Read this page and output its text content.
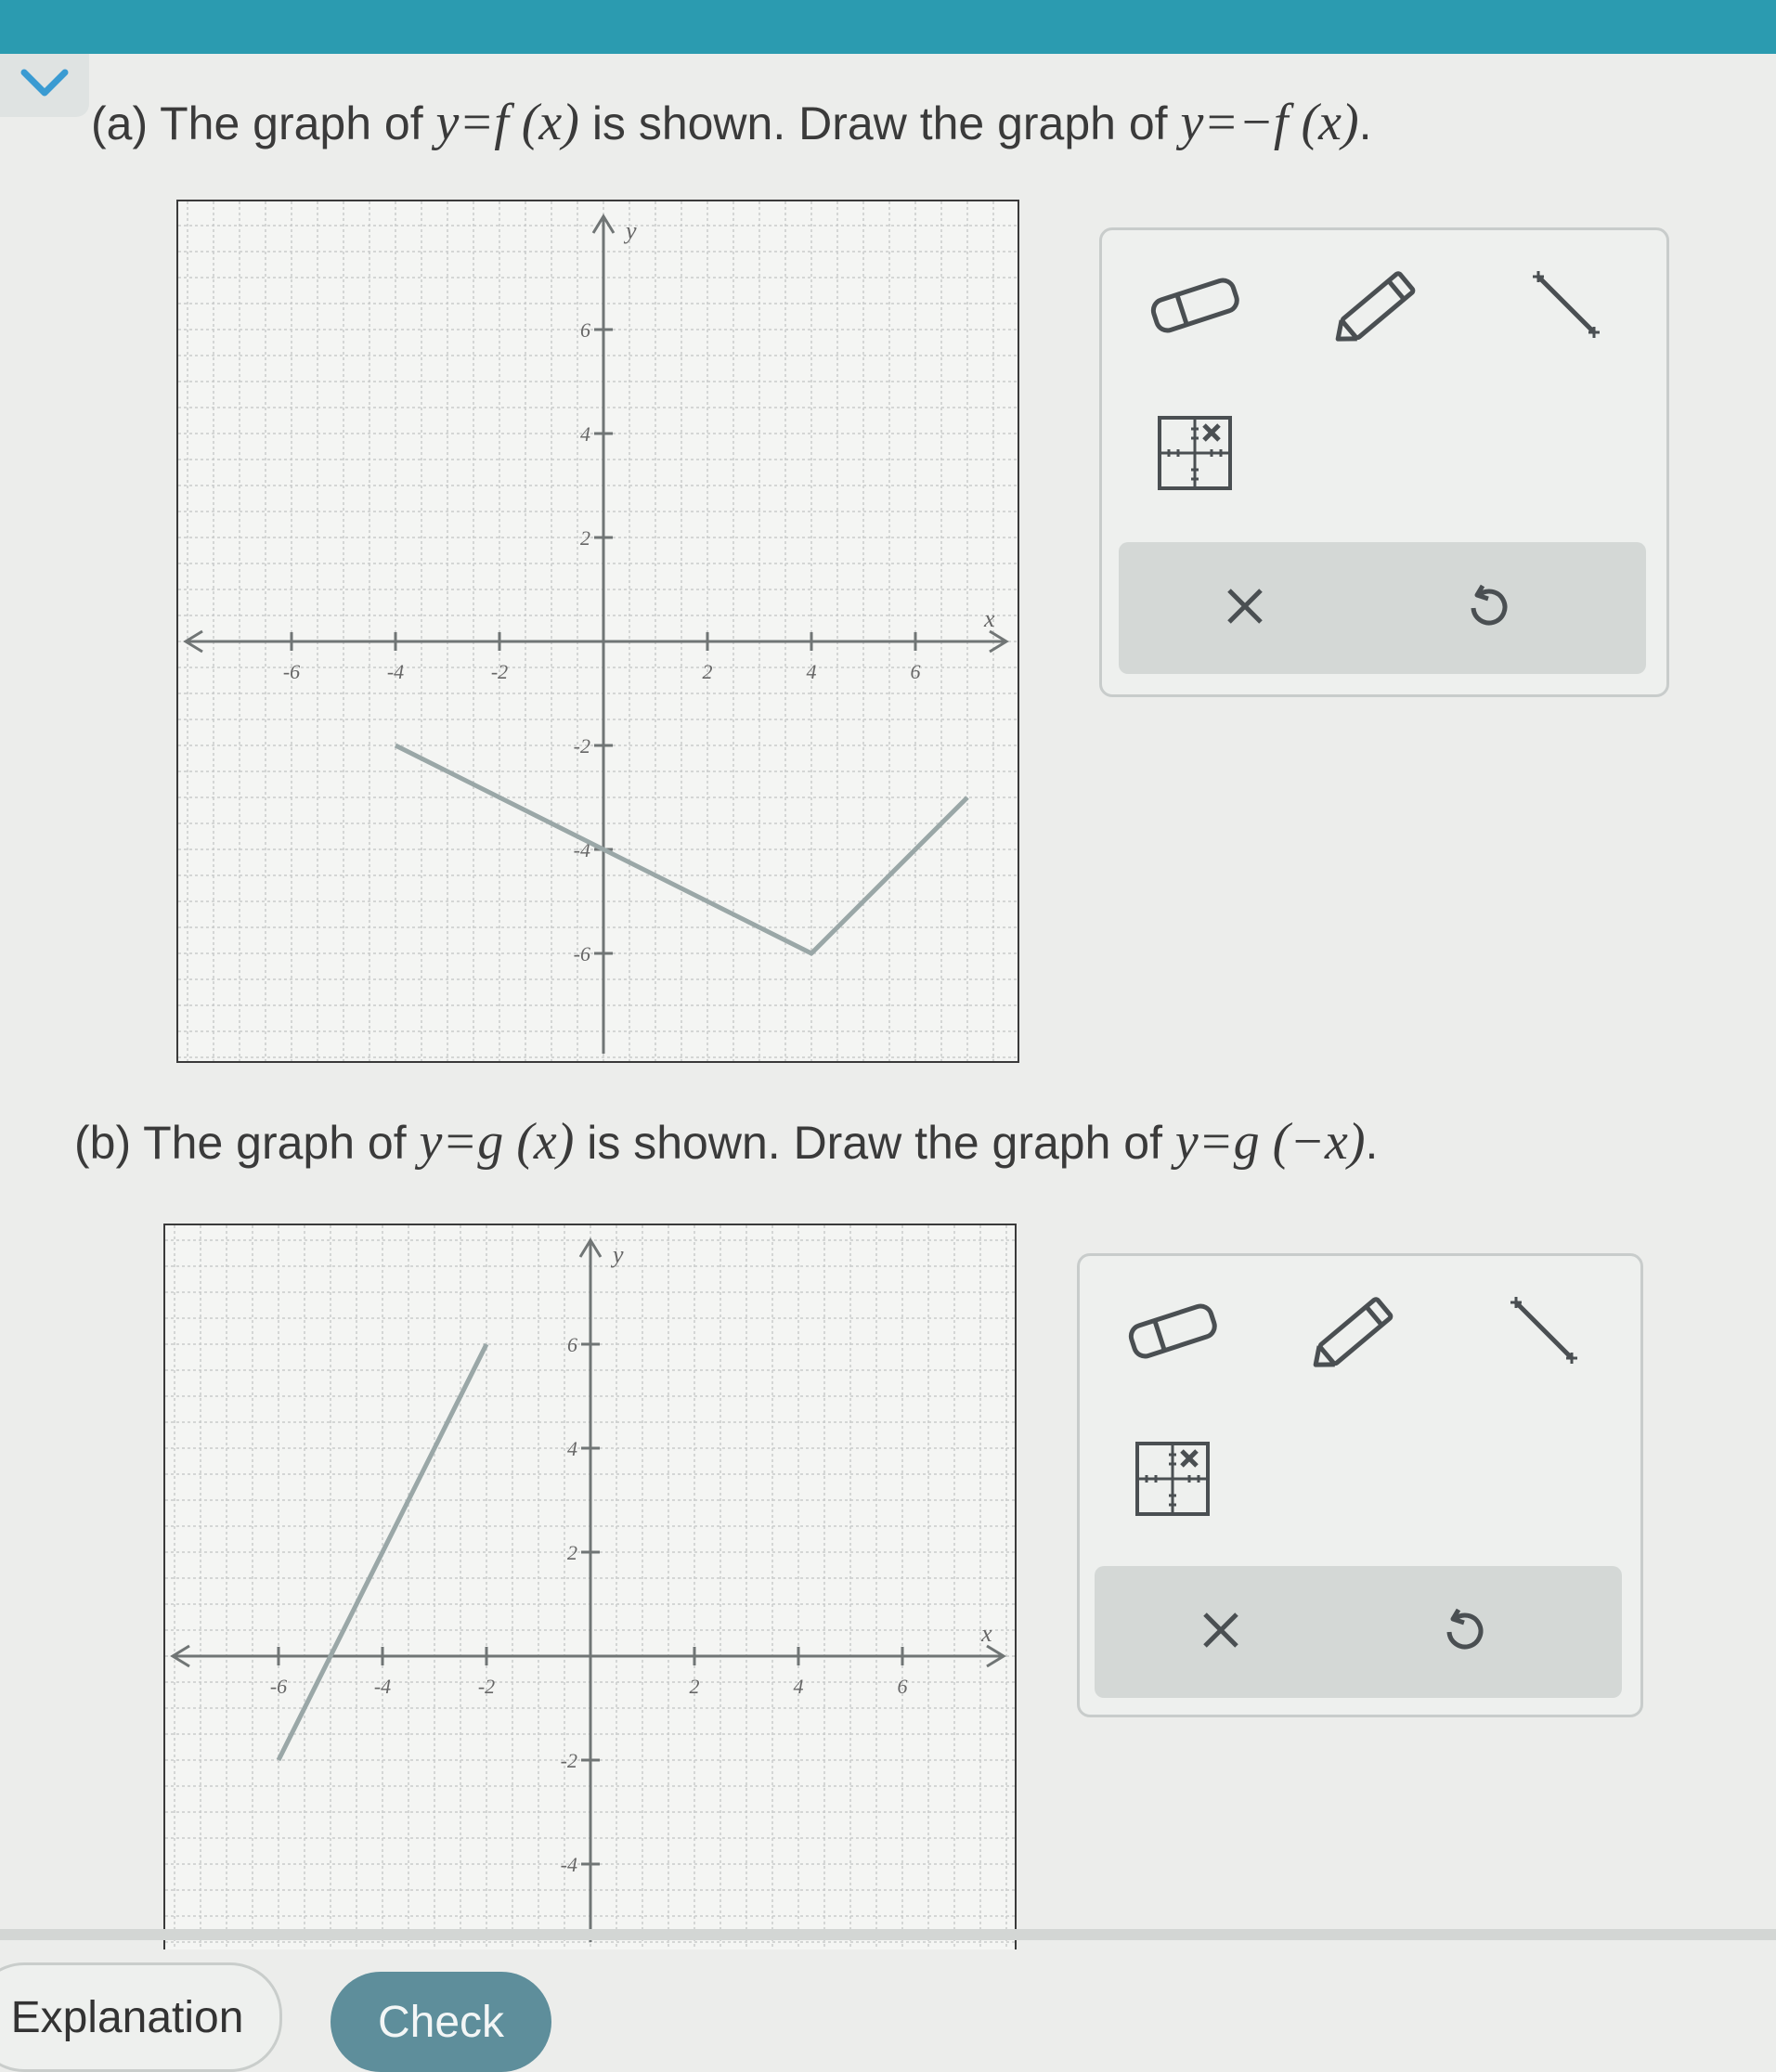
(a) The graph of y=f (x) is shown. Draw the graph of y=−f (x).
-6	-4	-2	2	4	6
6
4
2
-2
-4
-6
x
y
(b) The graph of y=g (x) is shown. Draw the graph of y=g (−x).
-6	-4	-2	2	4	6
6
4
2
-2
-4
x
y
Explanation	Check
